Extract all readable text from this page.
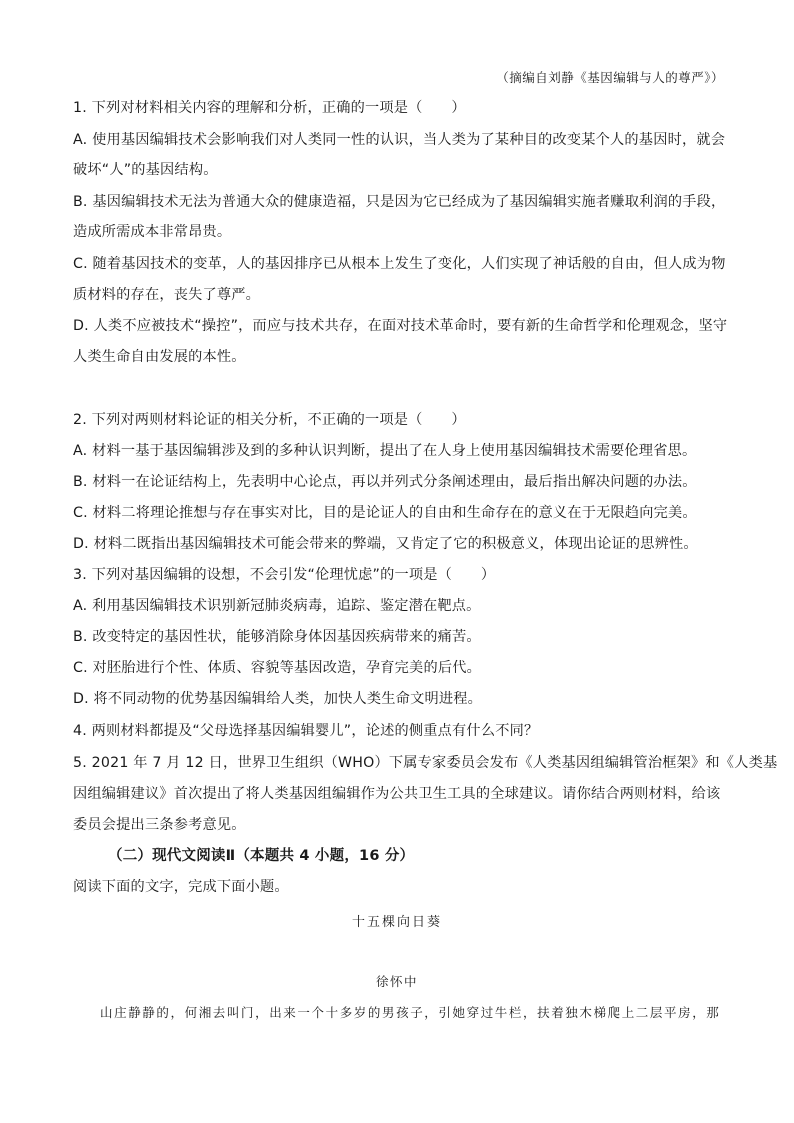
（摘编自刘静《基因编辑与人的尊严》）
1. 下列对材料相关内容的理解和分析，正确的一项是（　　）
A. 使用基因编辑技术会影响我们对人类同一性的认识，当人类为了某种目的改变某个人的基因时，就会
破坏“人”的基因结构。
B. 基因编辑技术无法为普通大众的健康造福，只是因为它已经成为了基因编辑实施者赚取利润的手段，
造成所需成本非常昂贵。
C. 随着基因技术的变革，人的基因排序已从根本上发生了变化，人们实现了神话般的自由，但人成为物
质材料的存在，丧失了尊严。
D. 人类不应被技术“操控”，而应与技术共存，在面对技术革命时，要有新的生命哲学和伦理观念，坚守
人类生命自由发展的本性。
2. 下列对两则材料论证的相关分析，不正确的一项是（　　）
A. 材料一基于基因编辑涉及到的多种认识判断，提出了在人身上使用基因编辑技术需要伦理省思。
B. 材料一在论证结构上，先表明中心论点，再以并列式分条阐述理由，最后指出解决问题的办法。
C. 材料二将理论推想与存在事实对比，目的是论证人的自由和生命存在的意义在于无限趋向完美。
D. 材料二既指出基因编辑技术可能会带来的弊端，又肯定了它的积极意义，体现出论证的思辨性。
3. 下列对基因编辑的设想，不会引发“伦理忧虑”的一项是（　　）
A. 利用基因编辑技术识别新冠肺炎病毒，追踪、鉴定潜在靶点。
B. 改变特定的基因性状，能够消除身体因基因疾病带来的痛苦。
C. 对胚胎进行个性、体质、容貌等基因改造，孕育完美的后代。
D. 将不同动物的优势基因编辑给人类，加快人类生命文明进程。
4. 两则材料都提及“父母选择基因编辑婴儿”，论述的侧重点有什么不同？
5. 2021 年 7 月 12 日，世界卫生组织（WHO）下属专家委员会发布《人类基因组编辑管治框架》和《人类基
因组编辑建议》首次提出了将人类基因组编辑作为公共卫生工具的全球建议。请你结合两则材料，给该
委员会提出三条参考意见。
（二）现代文阅读Ⅱ（本题共 4 小题，16 分）
阅读下面的文字，完成下面小题。
十五棵向日葵
徐怀中
山庄静静的，何湘去叫门，出来一个十多岁的男孩子，引她穿过牛栏，扶着独木梯爬上二层平房，那
